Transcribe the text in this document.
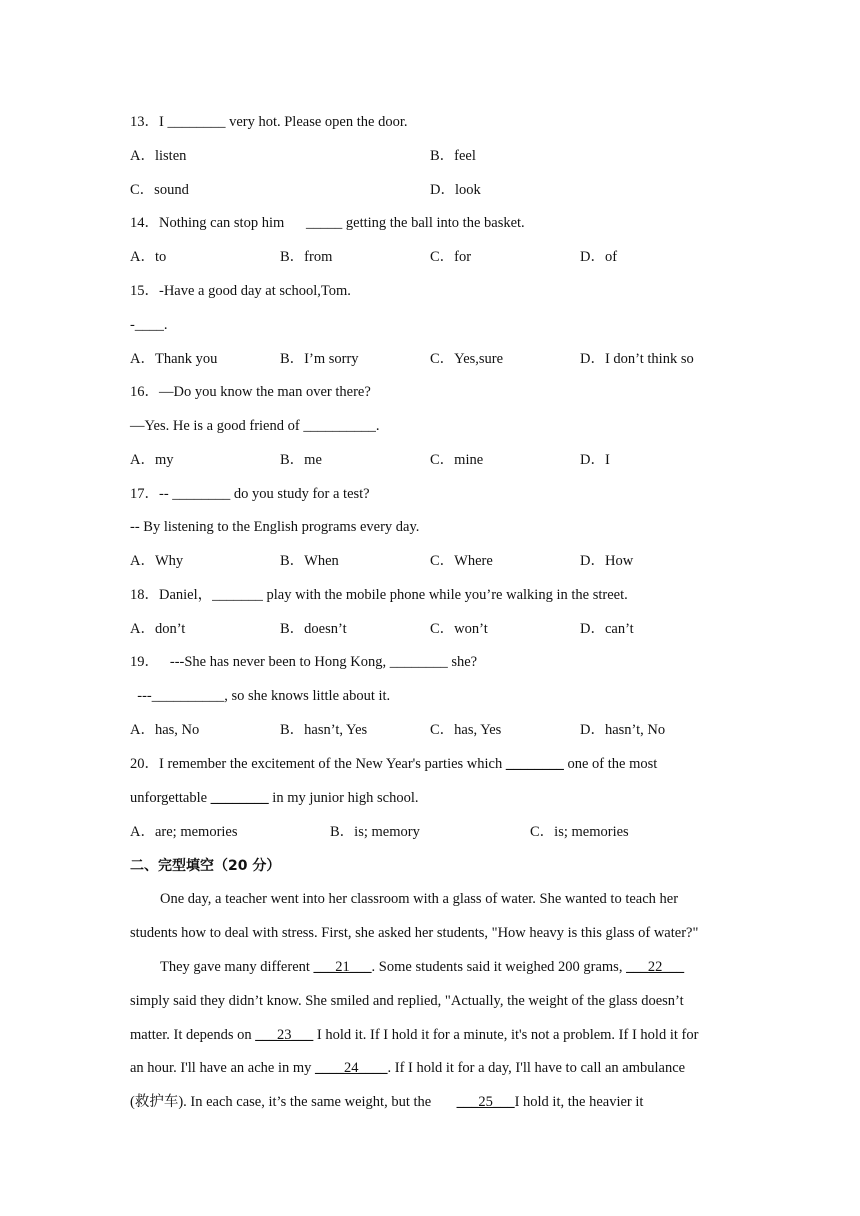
13．I ________ very hot. Please open the door.
A．listen	B．feel
C．sound	D．look
14．Nothing can stop him      _____ getting the ball into the basket.
A．to	B．from	C．for	D．of
15．-Have a good day at school,Tom.
-____.
A．Thank you	B．I’m sorry	C．Yes,sure	D．I don’t think so
16．—Do you know the man over there?
—Yes. He is a good friend of __________.
A．my	B．me	C．mine	D．I
17．-- ________ do you study for a test?
-- By listening to the English programs every day.
A．Why	B．When	C．Where	D．How
18．Daniel，_______ play with the mobile phone while you’re walking in the street.
A．don’t	B．doesn’t	C．won’t	D．can’t
19．   ---She has never been to Hong Kong, ________ she?
---__________, so she knows little about it.
A．has, No	B．hasn’t, Yes	C．has, Yes	D．hasn’t, No
20．I remember the excitement of the New Year's parties which ________ one of the most
unforgettable ________ in my junior high school.
A．are; memories	B．is; memory	C．is; memories
二、完型填空（20 分）
One day, a teacher went into her classroom with a glass of water. She wanted to teach her
students how to deal with stress. First, she asked her students, "How heavy is this glass of water?"
They gave many different ___21___. Some students said it weighed 200 grams, ___22___
simply said they didn’t know. She smiled and replied, "Actually, the weight of the glass doesn’t
matter. It depends on ___23___ I hold it. If I hold it for a minute, it's not a problem. If I hold it for
an hour. I'll have an ache in my ____24____. If I hold it for a day, I'll have to call an ambulance
(救护车). In each case, it’s the same weight, but the       ___25___I hold it, the heavier it
